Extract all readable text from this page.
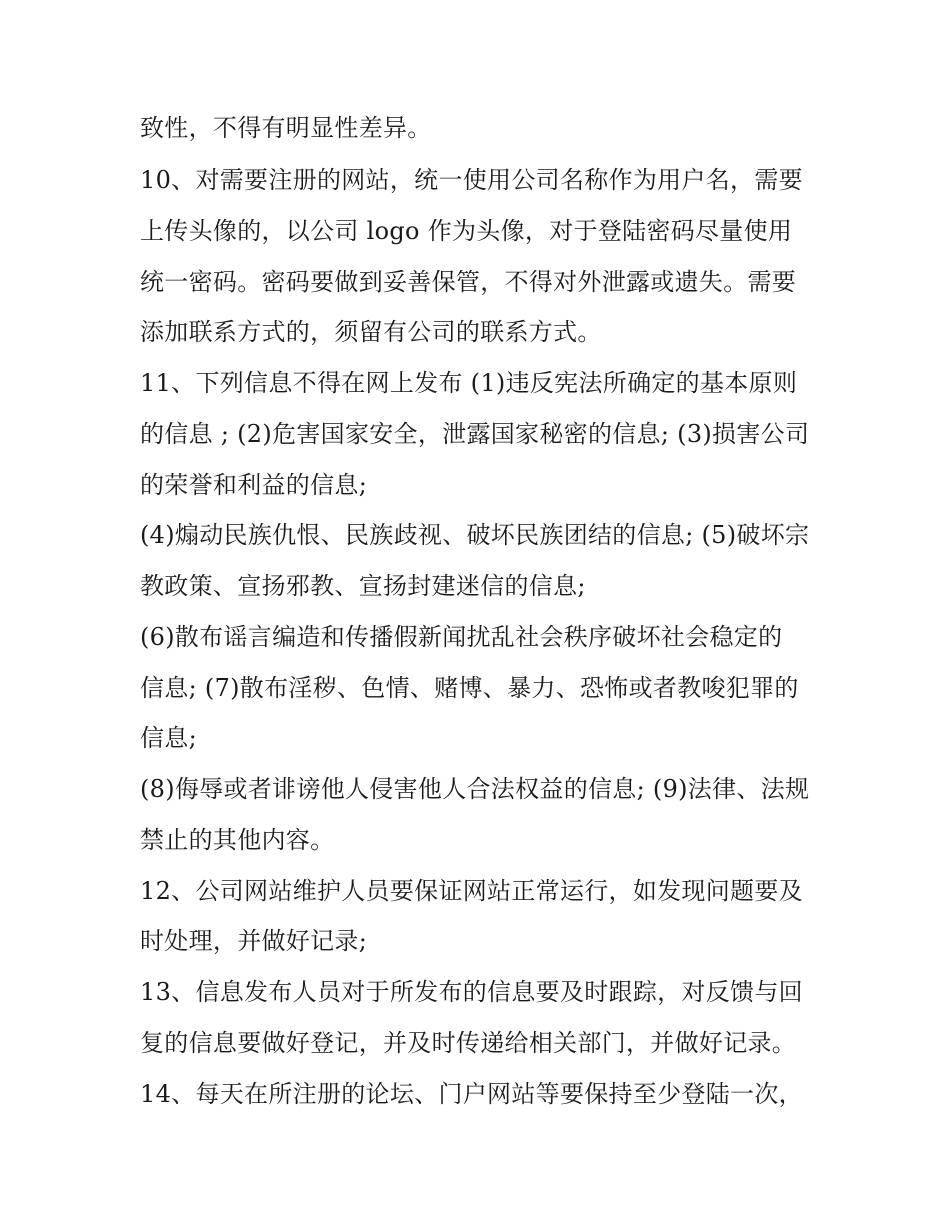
致性，不得有明显性差异。
10、对需要注册的网站，统一使用公司名称作为用户名，需要
上传头像的，以公司 logo 作为头像，对于登陆密码尽量使用
统一密码。密码要做到妥善保管，不得对外泄露或遗失。需要
添加联系方式的，须留有公司的联系方式。
11、下列信息不得在网上发布 (1)违反宪法所确定的基本原则
的信息 ; (2)危害国家安全，泄露国家秘密的信息; (3)损害公司
的荣誉和利益的信息;
(4)煽动民族仇恨、民族歧视、破坏民族团结的信息; (5)破坏宗
教政策、宣扬邪教、宣扬封建迷信的信息;
(6)散布谣言编造和传播假新闻扰乱社会秩序破坏社会稳定的
信息; (7)散布淫秽、色情、赌博、暴力、恐怖或者教唆犯罪的
信息;
(8)侮辱或者诽谤他人侵害他人合法权益的信息; (9)法律、法规
禁止的其他内容。
12、公司网站维护人员要保证网站正常运行，如发现问题要及
时处理，并做好记录;
13、信息发布人员对于所发布的信息要及时跟踪，对反馈与回
复的信息要做好登记，并及时传递给相关部门，并做好记录。
14、每天在所注册的论坛、门户网站等要保持至少登陆一次，
